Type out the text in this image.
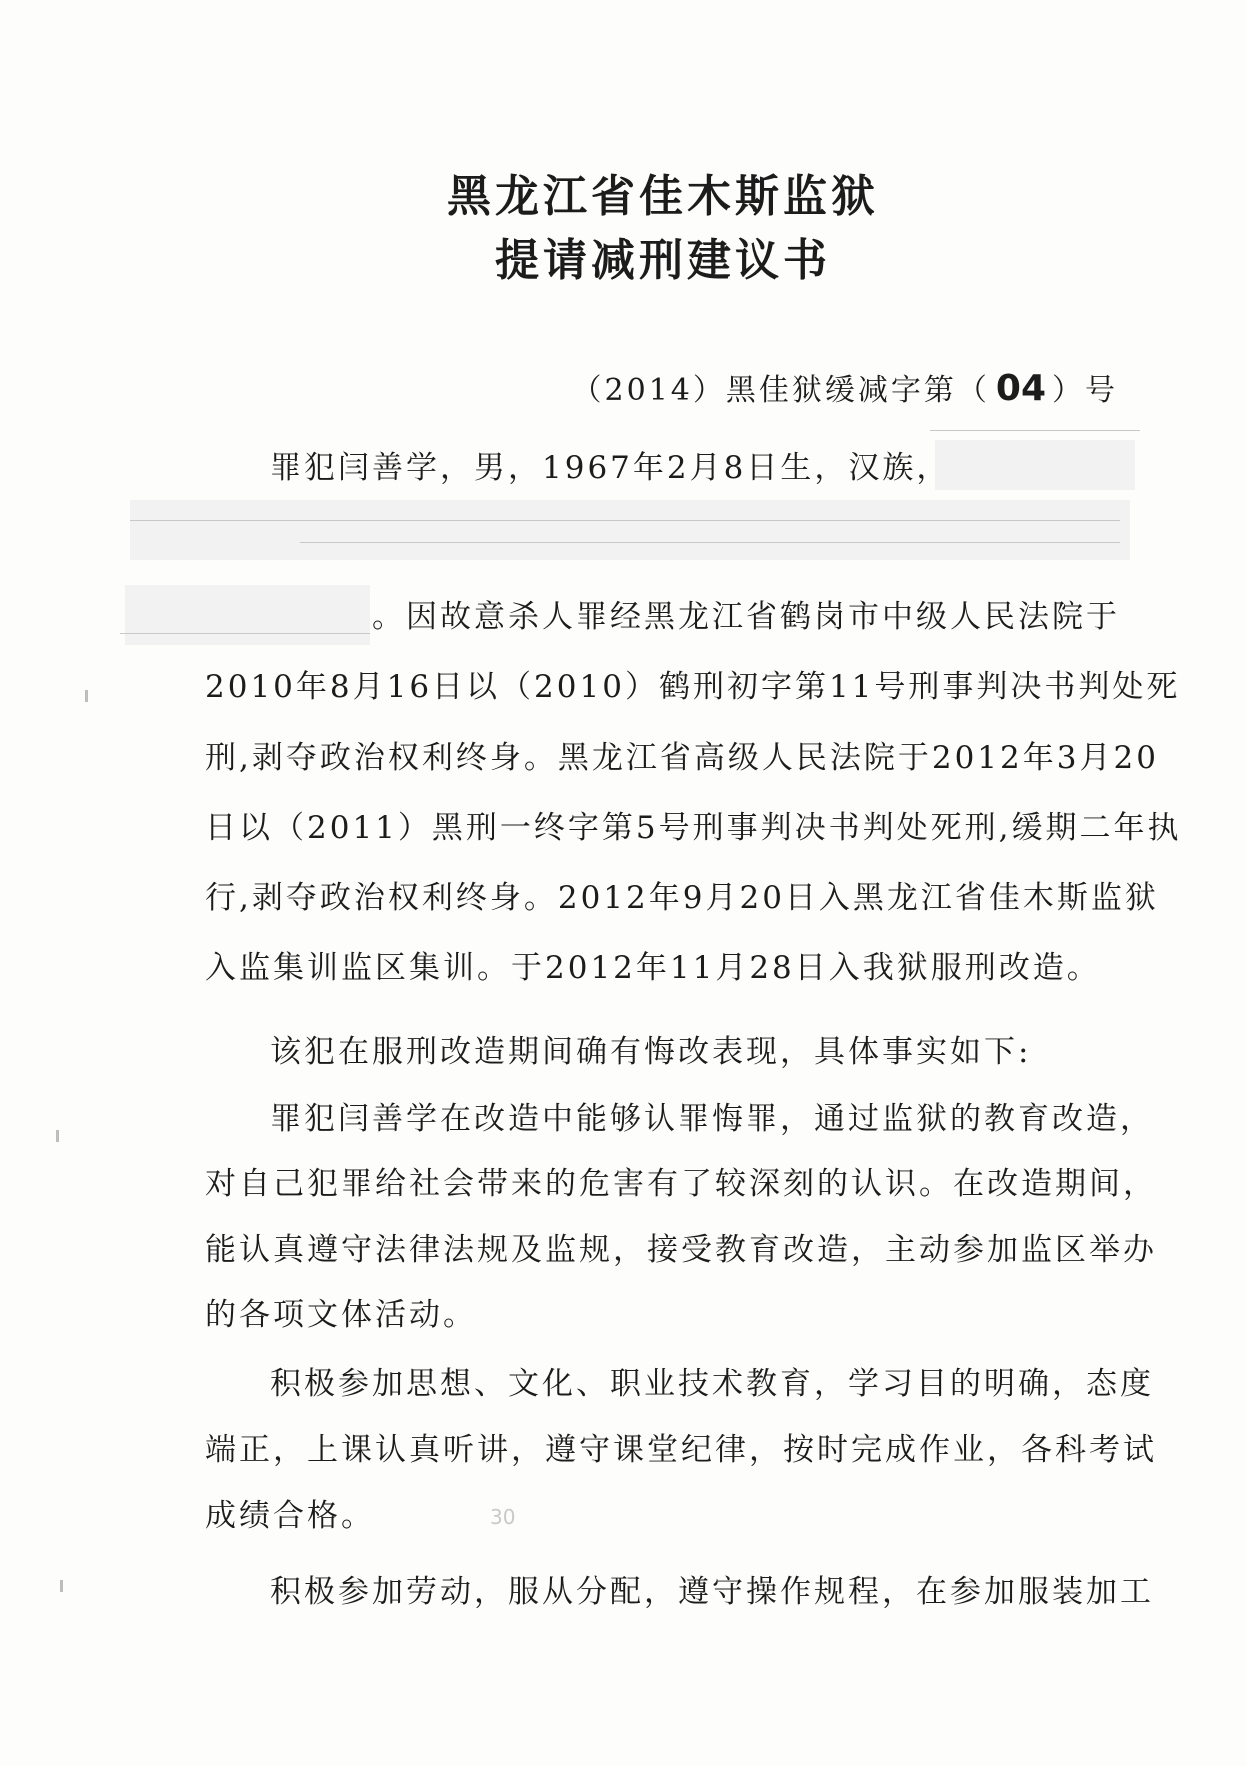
黑龙江省佳木斯监狱
提请减刑建议书
（2014）黑佳狱缓减字第（ 04 ）号
罪犯闫善学，男，1967年2月8日生，汉族，
。因故意杀人罪经黑龙江省鹤岗市中级人民法院于
2010年8月16日以（2010）鹤刑初字第11号刑事判决书判处死
刑,剥夺政治权利终身。黑龙江省高级人民法院于2012年3月20
日以（2011）黑刑一终字第5号刑事判决书判处死刑,缓期二年执
行,剥夺政治权利终身。2012年9月20日入黑龙江省佳木斯监狱
入监集训监区集训。于2012年11月28日入我狱服刑改造。
该犯在服刑改造期间确有悔改表现，具体事实如下:
罪犯闫善学在改造中能够认罪悔罪，通过监狱的教育改造，
对自己犯罪给社会带来的危害有了较深刻的认识。在改造期间，
能认真遵守法律法规及监规，接受教育改造，主动参加监区举办
的各项文体活动。
积极参加思想、文化、职业技术教育，学习目的明确，态度
端正，上课认真听讲，遵守课堂纪律，按时完成作业，各科考试
成绩合格。
积极参加劳动，服从分配，遵守操作规程，在参加服装加工
30
